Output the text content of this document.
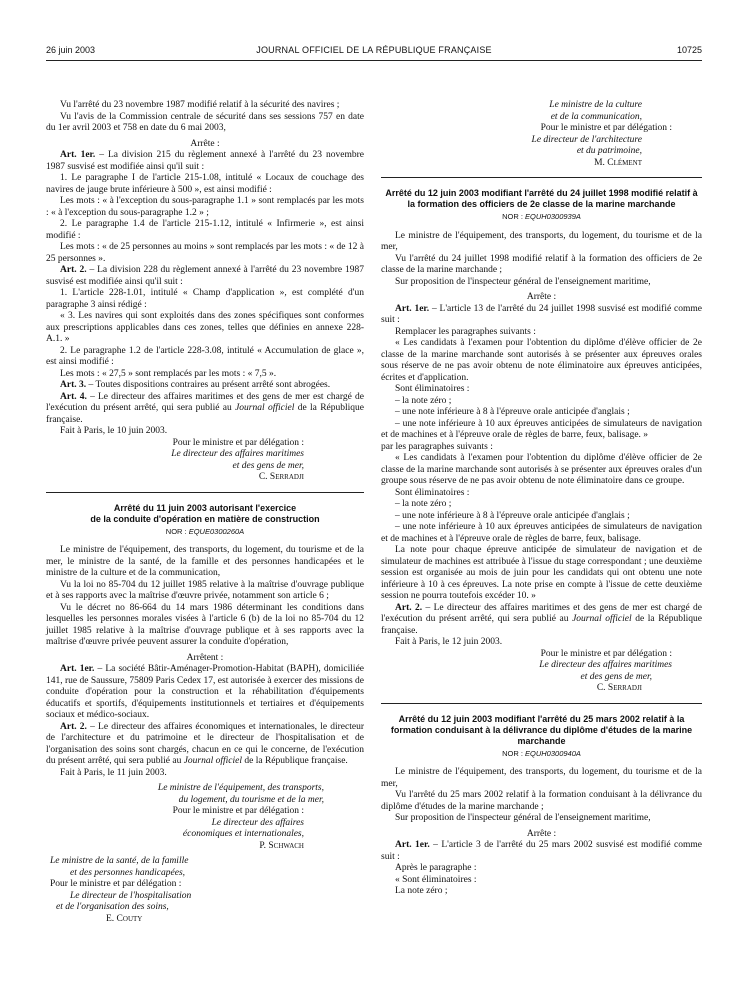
26 juin 2003	JOURNAL OFFICIEL DE LA RÉPUBLIQUE FRANÇAISE	10725

Vu l'arrêté du 23 novembre 1987 modifié relatif à la sécurité des navires ;

Vu l'avis de la Commission centrale de sécurité dans ses sessions 757 en date du 1er avril 2003 et 758 en date du 6 mai 2003,

Arrête :

Art. 1er. – La division 215 du règlement annexé à l'arrêté du 23 novembre 1987 susvisé est modifiée ainsi qu'il suit :

1. Le paragraphe I de l'article 215-1.08, intitulé « Locaux de couchage des navires de jauge brute inférieure à 500 », est ainsi modifié :

Les mots : « à l'exception du sous-paragraphe 1.1 » sont remplacés par les mots : « à l'exception du sous-paragraphe 1.2 » ;

2. Le paragraphe 1.4 de l'article 215-1.12, intitulé « Infirmerie », est ainsi modifié :

Les mots : « de 25 personnes au moins » sont remplacés par les mots : « de 12 à 25 personnes ».

Art. 2. – La division 228 du règlement annexé à l'arrêté du 23 novembre 1987 susvisé est modifiée ainsi qu'il suit :

1. L'article 228-1.01, intitulé « Champ d'application », est complété d'un paragraphe 3 ainsi rédigé :

« 3. Les navires qui sont exploités dans des zones spécifiques sont conformes aux prescriptions applicables dans ces zones, telles que définies en annexe 228-A.1. »

2. Le paragraphe 1.2 de l'article 228-3.08, intitulé « Accumulation de glace », est ainsi modifié :

Les mots : « 27,5 » sont remplacés par les mots : « 7,5 ».

Art. 3. – Toutes dispositions contraires au présent arrêté sont abrogées.

Art. 4. – Le directeur des affaires maritimes et des gens de mer est chargé de l'exécution du présent arrêté, qui sera publié au Journal officiel de la République française.

Fait à Paris, le 10 juin 2003.

Pour le ministre et par délégation :

Le directeur des affaires maritimes

et des gens de mer,

C. Serradji

Arrêté du 11 juin 2003 autorisant l'exercice
de la conduite d'opération en matière de construction

NOR : EQUE0300260A

Le ministre de l'équipement, des transports, du logement, du tourisme et de la mer, le ministre de la santé, de la famille et des personnes handicapées et le ministre de la culture et de la communication,

Vu la loi no 85-704 du 12 juillet 1985 relative à la maîtrise d'ouvrage publique et à ses rapports avec la maîtrise d'œuvre privée, notamment son article 6 ;

Vu le décret no 86-664 du 14 mars 1986 déterminant les conditions dans lesquelles les personnes morales visées à l'article 6 (b) de la loi no 85-704 du 12 juillet 1985 relative à la maîtrise d'ouvrage publique et à ses rapports avec la maîtrise d'œuvre privée peuvent assurer la conduite d'opération,

Arrêtent :

Art. 1er. – La société Bâtir-Aménager-Promotion-Habitat (BAPH), domiciliée 141, rue de Saussure, 75809 Paris Cedex 17, est autorisée à exercer des missions de conduite d'opération pour la construction et la réhabilitation d'équipements éducatifs et sportifs, d'équipements institutionnels et tertiaires et d'équipements sociaux et médico-sociaux.

Art. 2. – Le directeur des affaires économiques et internationales, le directeur de l'architecture et du patrimoine et le directeur de l'hospitalisation et de l'organisation des soins sont chargés, chacun en ce qui le concerne, de l'exécution du présent arrêté, qui sera publié au Journal officiel de la République française.

Fait à Paris, le 11 juin 2003.

Le ministre de l'équipement, des transports,

du logement, du tourisme et de la mer,

Pour le ministre et par délégation :

Le directeur des affaires

économiques et internationales,

P. Schwach

Le ministre de la santé, de la famille

et des personnes handicapées,

Pour le ministre et par délégation :

Le directeur de l'hospitalisation

et de l'organisation des soins,

E. Couty

Le ministre de la culture

et de la communication,

Pour le ministre et par délégation :

Le directeur de l'architecture

et du patrimoine,

M. Clément

Arrêté du 12 juin 2003 modifiant l'arrêté du 24 juillet 1998 modifié relatif à la formation des officiers de 2e classe de la marine marchande

NOR : EQUH0300939A

Le ministre de l'équipement, des transports, du logement, du tourisme et de la mer,

Vu l'arrêté du 24 juillet 1998 modifié relatif à la formation des officiers de 2e classe de la marine marchande ;

Sur proposition de l'inspecteur général de l'enseignement maritime,

Arrête :

Art. 1er. – L'article 13 de l'arrêté du 24 juillet 1998 susvisé est modifié comme suit :

Remplacer les paragraphes suivants :

« Les candidats à l'examen pour l'obtention du diplôme d'élève officier de 2e classe de la marine marchande sont autorisés à se présenter aux épreuves orales sous réserve de ne pas avoir obtenu de note éliminatoire aux épreuves anticipées, écrites et d'application.

Sont éliminatoires :

– la note zéro ;

– une note inférieure à 8 à l'épreuve orale anticipée d'anglais ;

– une note inférieure à 10 aux épreuves anticipées de simulateurs de navigation et de machines et à l'épreuve orale de règles de barre, feux, balisage. »

par les paragraphes suivants :

« Les candidats à l'examen pour l'obtention du diplôme d'élève officier de 2e classe de la marine marchande sont autorisés à se présenter aux épreuves orales d'un groupe sous réserve de ne pas avoir obtenu de note éliminatoire dans ce groupe.

Sont éliminatoires :

– la note zéro ;

– une note inférieure à 8 à l'épreuve orale anticipée d'anglais ;

– une note inférieure à 10 aux épreuves anticipées de simulateurs de navigation et de machines et à l'épreuve orale de règles de barre, feux, balisage.

La note pour chaque épreuve anticipée de simulateur de navigation et de simulateur de machines est attribuée à l'issue du stage correspondant ; une deuxième session est organisée au mois de juin pour les candidats qui ont obtenu une note inférieure à 10 à ces épreuves. La note prise en compte à l'issue de cette deuxième session ne pourra toutefois excéder 10. »

Art. 2. – Le directeur des affaires maritimes et des gens de mer est chargé de l'exécution du présent arrêté, qui sera publié au Journal officiel de la République française.

Fait à Paris, le 12 juin 2003.

Pour le ministre et par délégation :

Le directeur des affaires maritimes

et des gens de mer,

C. Serradji

Arrêté du 12 juin 2003 modifiant l'arrêté du 25 mars 2002 relatif à la formation conduisant à la délivrance du diplôme d'études de la marine marchande

NOR : EQUH0300940A

Le ministre de l'équipement, des transports, du logement, du tourisme et de la mer,

Vu l'arrêté du 25 mars 2002 relatif à la formation conduisant à la délivrance du diplôme d'études de la marine marchande ;

Sur proposition de l'inspecteur général de l'enseignement maritime,

Arrête :

Art. 1er. – L'article 3 de l'arrêté du 25 mars 2002 susvisé est modifié comme suit :

Après le paragraphe :

« Sont éliminatoires :

La note zéro ;
